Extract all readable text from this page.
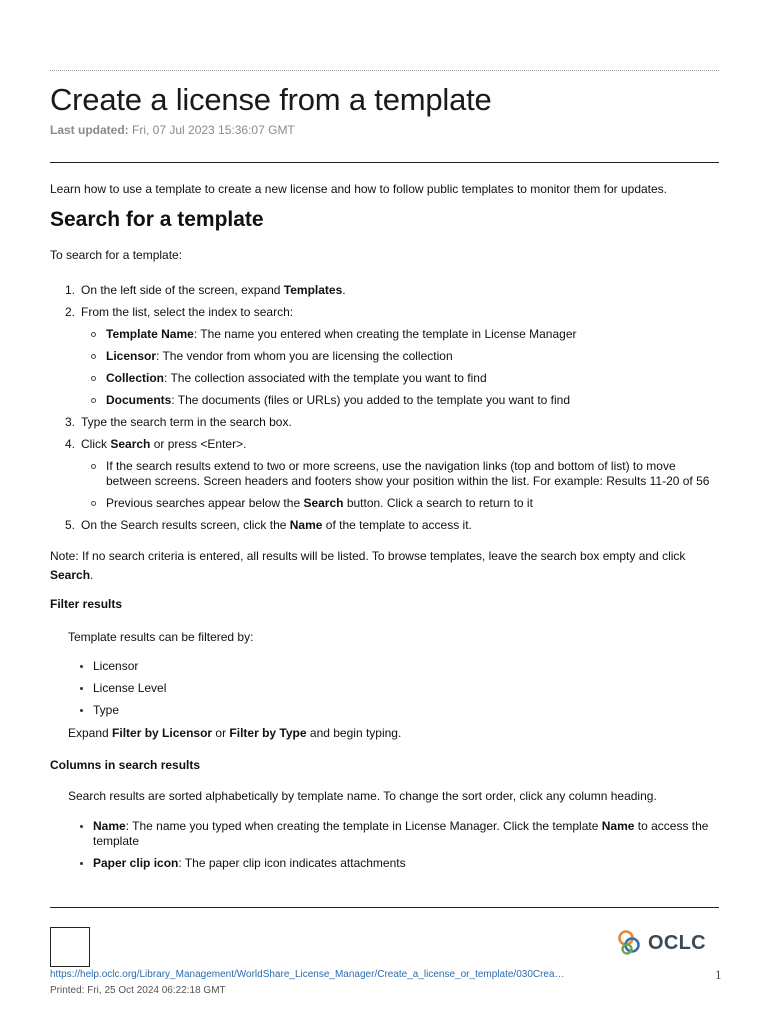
Create a license from a template
Last updated: Fri, 07 Jul 2023 15:36:07 GMT

Learn how to use a template to create a new license and how to follow public templates to monitor them for updates.

Search for a template

To search for a template:

1. On the left side of the screen, expand Templates.
2. From the list, select the index to search:
Template Name: The name you entered when creating the template in License Manager
Licensor: The vendor from whom you are licensing the collection
Collection: The collection associated with the template you want to find
Documents: The documents (files or URLs) you added to the template you want to find
3. Type the search term in the search box.
4. Click Search or press <Enter>.
If the search results extend to two or more screens, use the navigation links (top and bottom of list) to move between screens. Screen headers and footers show your position within the list. For example: Results 11-20 of 56
Previous searches appear below the Search button. Click a search to return to it
5. On the Search results screen, click the Name of the template to access it.

Note: If no search criteria is entered, all results will be listed. To browse templates, leave the search box empty and click Search.

Filter results

Template results can be filtered by:

Licensor
License Level
Type

Expand Filter by Licensor or Filter by Type and begin typing.

Columns in search results

Search results are sorted alphabetically by template name. To change the sort order, click any column heading.

Name: The name you typed when creating the template in License Manager. Click the template Name to access the template
Paper clip icon: The paper clip icon indicates attachments
OCLC
https://help.oclc.org/Library_Management/WorldShare_License_Manager/Create_a_license_or_template/030Crea…
Printed: Fri, 25 Oct 2024 06:22:18 GMT
1
